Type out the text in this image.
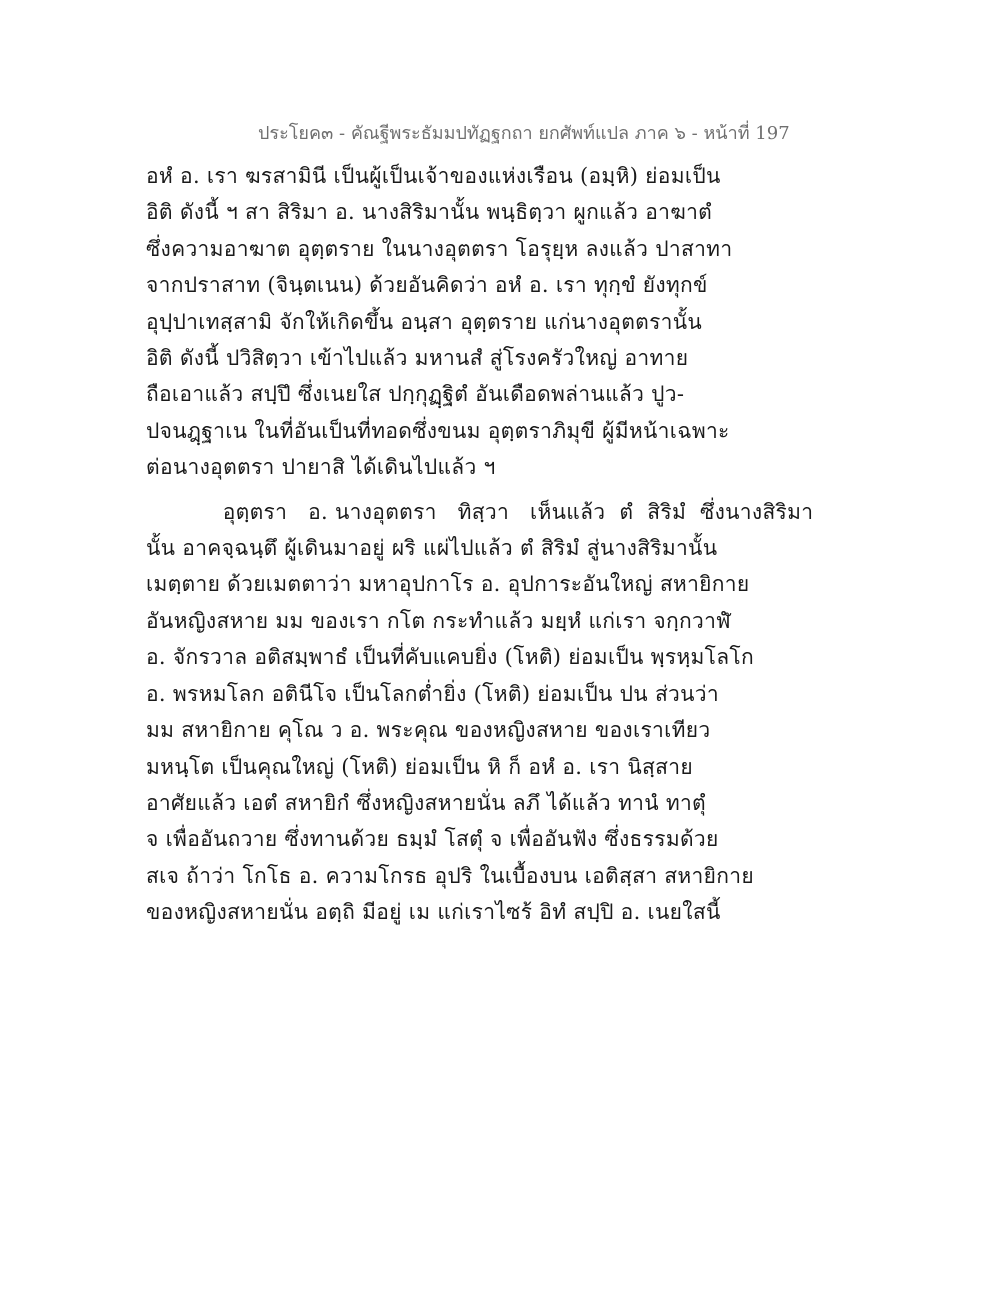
ประโยค๓ - คัณฐีพระธัมมปทัฏฐกถา ยกศัพท์แปล ภาค ๖ - หน้าที่ 197
อหํ อ. เรา ฆรสามินี เป็นผู้เป็นเจ้าของแห่งเรือน (อมฺหิ) ย่อมเป็น
อิติ ดังนี้ ฯ สา สิริมา อ. นางสิริมานั้น พนฺธิตฺวา ผูกแล้ว อาฆาตํ
ซึ่งความอาฆาต อุตฺตราย ในนางอุตตรา โอรุยฺห ลงแล้ว ปาสาทา
จากปราสาท (จินฺตเนน) ด้วยอันคิดว่า อหํ อ. เรา ทุกฺขํ ยังทุกข์
อุปฺปาเทสฺสามิ จักให้เกิดขึ้น อนฺสา อุตฺตราย แก่นางอุตตรานั้น
อิติ ดังนี้ ปวิสิตฺวา เข้าไปแล้ว มหานสํ สู่โรงครัวใหญ่ อาทาย
ถือเอาแล้ว สปฺปึ ซึ่งเนยใส ปกฺกุฏฺฐิตํ อันเดือดพล่านแล้ว ปูว-
ปจนฎฺฐาเน ในที่อันเป็นที่ทอดซึ่งขนม อุตฺตราภิมุขี ผู้มีหน้าเฉพาะ
ต่อนางอุตตรา ปายาสิ ได้เดินไปแล้ว ฯ
อุตฺตรา   อ. นางอุตตรา   ทิสฺวา   เห็นแล้ว  ตํ  สิริมํ  ซึ่งนางสิริมา
นั้น อาคจฺฉนฺตึ ผู้เดินมาอยู่ ผริ แผ่ไปแล้ว ตํ สิริมํ สู่นางสิริมานั้น
เมตฺตาย ด้วยเมตตาว่า มหาอุปกาโร อ. อุปการะอันใหญ่ สหายิกาย
อันหญิงสหาย มม ของเรา กโต กระทำแล้ว มยฺหํ แก่เรา จกฺกวาฬํ
อ. จักรวาล อติสมฺพาธํ เป็นที่คับแคบยิ่ง (โหติ) ย่อมเป็น พฺรหฺมโลโก
อ. พรหมโลก อตินีโจ เป็นโลกต่ำยิ่ง (โหติ) ย่อมเป็น ปน ส่วนว่า
มม สหายิกาย คุโณ ว อ. พระคุณ ของหญิงสหาย ของเราเทียว
มหนฺโต เป็นคุณใหญ่ (โหติ) ย่อมเป็น หิ ก็ อหํ อ. เรา นิสฺสาย
อาศัยแล้ว เอตํ สหายิกํ ซึ่งหญิงสหายนั่น ลภึ ได้แล้ว ทานํ ทาตุํ
จ เพื่ออันถวาย ซึ่งทานด้วย ธมฺมํ โสตุํ จ เพื่ออันฟัง ซึ่งธรรมด้วย
สเจ ถ้าว่า โกโธ อ. ความโกรธ อุปริ ในเบื้องบน เอติสฺสา สหายิกาย
ของหญิงสหายนั่น อตฺถิ มีอยู่ เม แก่เราไซร้ อิทํ สปฺปิ อ. เนยใสนี้
